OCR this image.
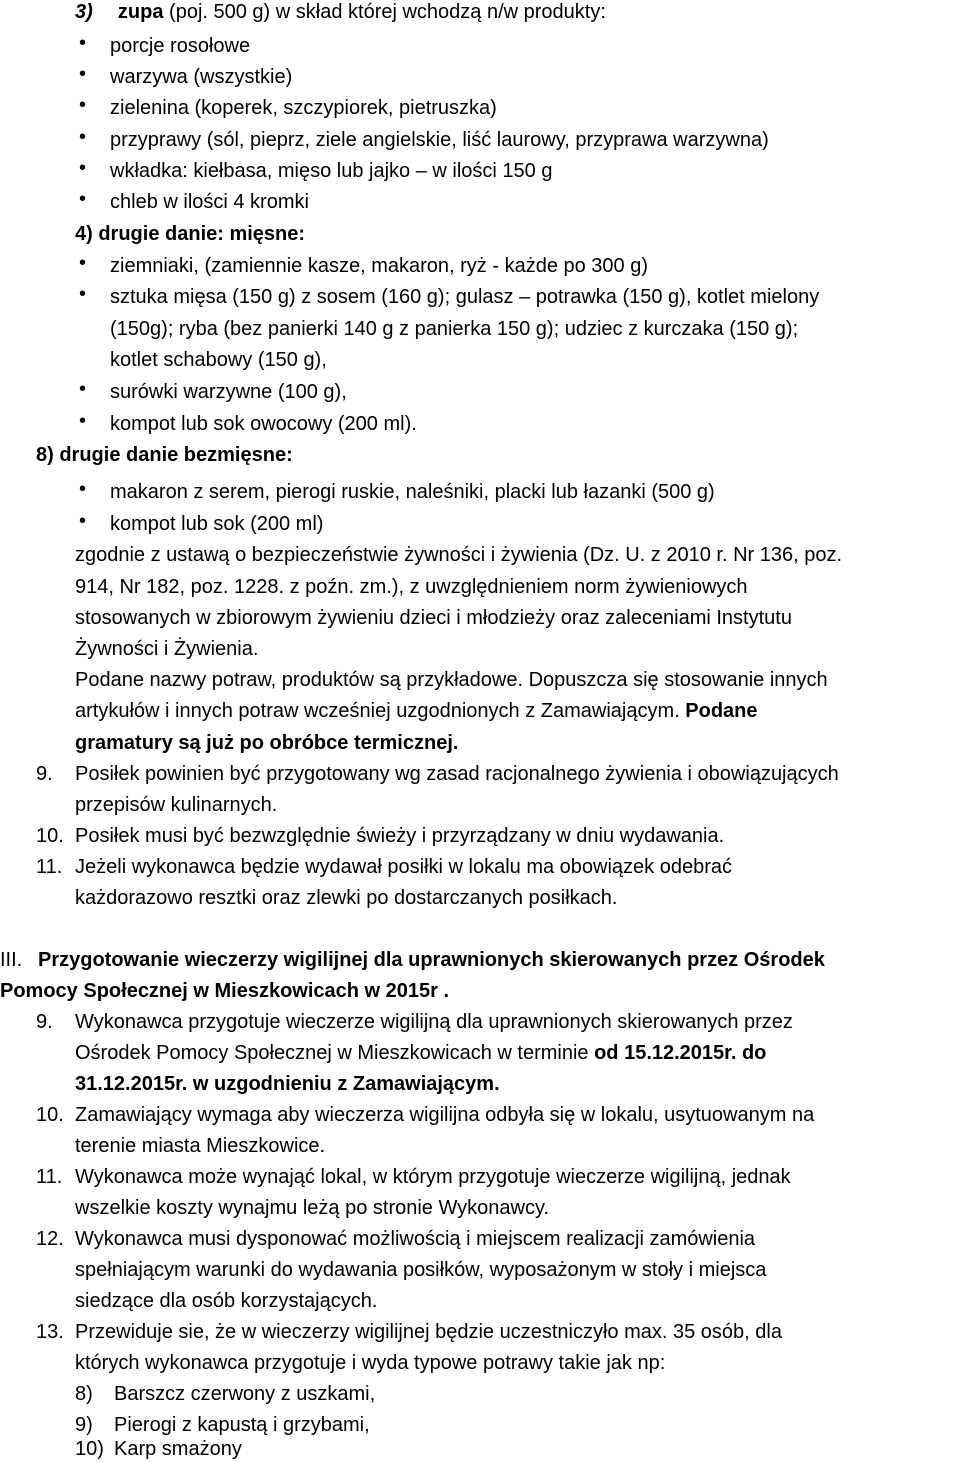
3) zupa (poj. 500 g) w skład której wchodzą n/w produkty:
• porcje rosołowe
• warzywa (wszystkie)
• zielenina (koperek, szczypiorek, pietruszka)
• przyprawy (sól, pieprz, ziele angielskie, liść laurowy, przyprawa warzywna)
• wkładka: kiełbasa, mięso lub jajko – w ilości 150 g
• chleb w ilości 4 kromki
4) drugie danie: mięsne:
• ziemniaki, (zamiennie kasze, makaron, ryż - każde po 300 g)
• sztuka mięsa (150 g) z sosem (160 g); gulasz – potrawka (150 g), kotlet mielony
(150g); ryba (bez panierki 140 g z panierka 150 g); udziec z kurczaka (150 g);
kotlet schabowy (150 g),
• surówki warzywne (100 g),
• kompot lub sok owocowy (200 ml).
8) drugie danie bezmięsne:
• makaron z serem, pierogi ruskie, naleśniki, placki lub łazanki (500 g)
• kompot lub sok (200 ml)
zgodnie z ustawą o bezpieczeństwie żywności i żywienia (Dz. U. z 2010 r. Nr 136, poz.
914, Nr 182, poz. 1228. z poźn. zm.), z uwzględnieniem norm żywieniowych
stosowanych w zbiorowym żywieniu dzieci i młodzieży oraz zaleceniami Instytutu
Żywności i Żywienia.
Podane nazwy potraw, produktów są przykładowe. Dopuszcza się stosowanie innych
artykułów i innych potraw wcześniej uzgodnionych z Zamawiającym. Podane
gramatury są już po obróbce termicznej.
9. Posiłek powinien być przygotowany wg zasad racjonalnego żywienia i obowiązujących
przepisów kulinarnych.
10. Posiłek musi być bezwzględnie świeży i przyrządzany w dniu wydawania.
11. Jeżeli wykonawca będzie wydawał posiłki w lokalu ma obowiązek odebrać
każdorazowo resztki oraz zlewki po dostarczanych posiłkach.
III. Przygotowanie wieczerzy wigilijnej dla uprawnionych skierowanych przez Ośrodek
Pomocy Społecznej w Mieszkowicach w 2015r .
9. Wykonawca przygotuje wieczerze wigilijną dla uprawnionych skierowanych przez
Ośrodek Pomocy Społecznej w Mieszkowicach w terminie od 15.12.2015r. do
31.12.2015r. w uzgodnieniu z Zamawiającym.
10. Zamawiający wymaga aby wieczerza wigilijna odbyła się w lokalu, usytuowanym na
terenie miasta Mieszkowice.
11. Wykonawca może wynająć lokal, w którym przygotuje wieczerze wigilijną, jednak
wszelkie koszty wynajmu leżą po stronie Wykonawcy.
12. Wykonawca musi dysponować możliwością i miejscem realizacji zamówienia
spełniającym warunki do wydawania posiłków, wyposażonym w stoły i miejsca
siedzące dla osób korzystających.
13. Przewiduje sie, że w wieczerzy wigilijnej będzie uczestniczyło max. 35 osób, dla
których wykonawca przygotuje i wyda typowe potrawy takie jak np:
8) Barszcz czerwony z uszkami,
9) Pierogi z kapustą i grzybami,
10) Karp smażony
